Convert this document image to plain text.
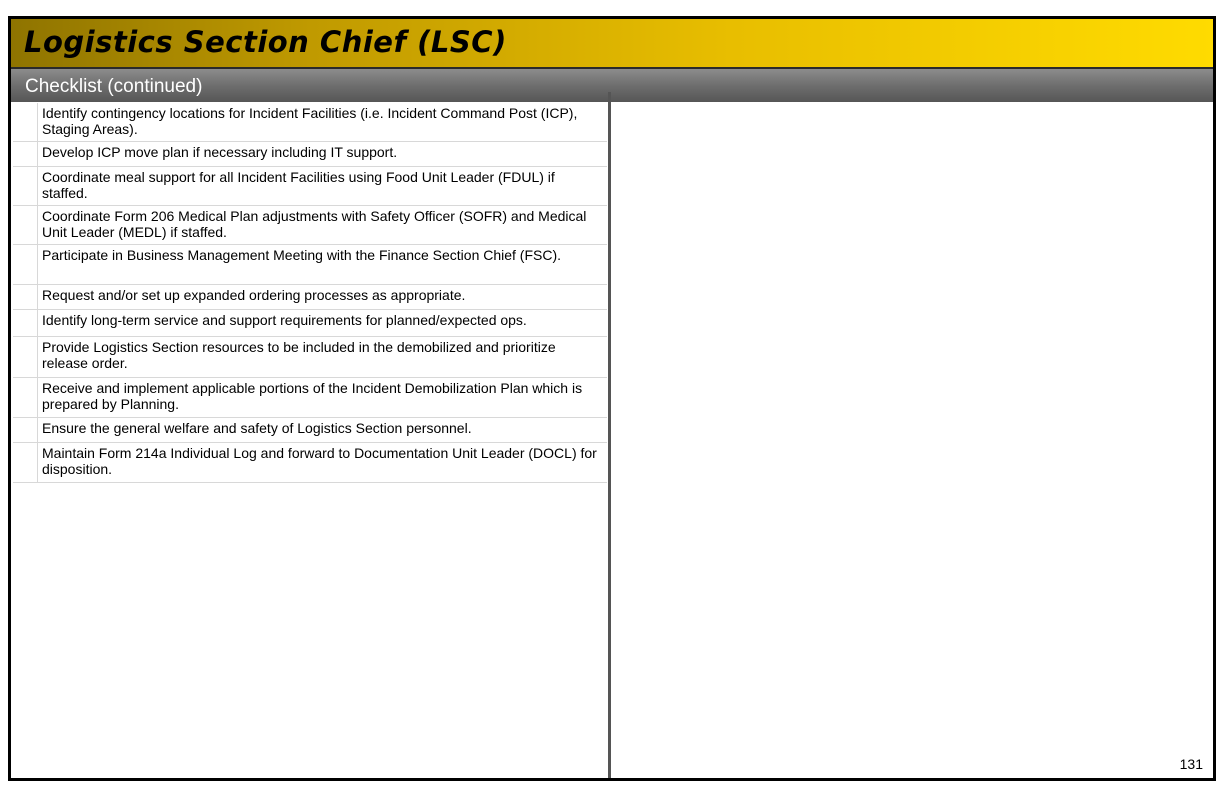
Logistics Section Chief (LSC)
Checklist (continued)
Identify contingency locations for Incident Facilities (i.e. Incident Command Post (ICP), Staging Areas).
Develop ICP move plan if necessary including IT support.
Coordinate meal support for all Incident Facilities using Food Unit Leader (FDUL) if staffed.
Coordinate Form 206 Medical Plan adjustments with Safety Officer (SOFR) and Medical Unit Leader (MEDL) if staffed.
Participate in Business Management Meeting with the Finance Section Chief (FSC).
Request and/or set up expanded ordering processes as appropriate.
Identify long-term service and support requirements for planned/expected ops.
Provide Logistics Section resources to be included in the demobilized and prioritize release order.
Receive and implement applicable portions of the Incident Demobilization Plan which is prepared by Planning.
Ensure the general welfare and safety of Logistics Section personnel.
Maintain Form 214a Individual Log and forward to Documentation Unit Leader (DOCL) for disposition.
131
